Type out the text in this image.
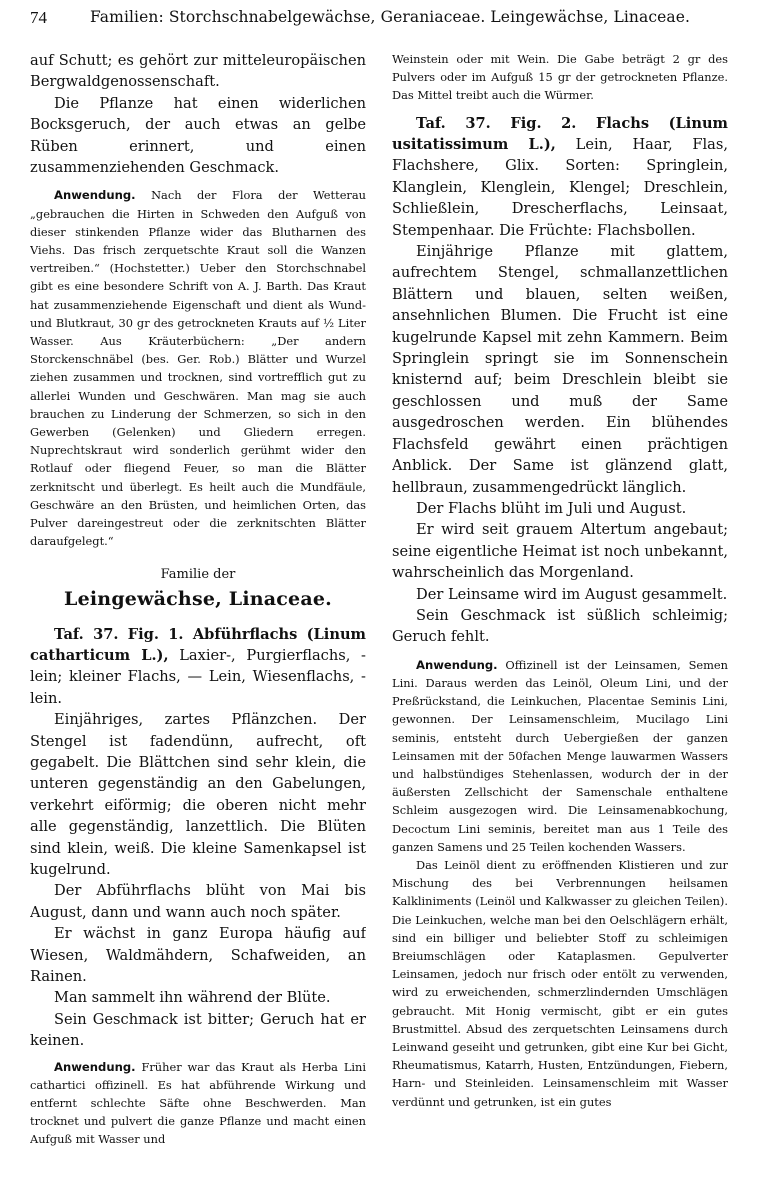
74	Familien: Storchschnabelgewächse, Geraniaceae. Leingewächse, Linaceae.

auf Schutt; es gehört zur mitteleuropäischen Bergwaldgenossenschaft.

Die Pflanze hat einen widerlichen Bocksgeruch, der auch etwas an gelbe Rüben erinnert, und einen zusammenziehenden Geschmack.

Anwendung. Nach der Flora der Wetterau „gebrauchen die Hirten in Schweden den Aufguß von dieser stinkenden Pflanze wider das Blutharnen des Viehs. Das frisch zerquetschte Kraut soll die Wanzen vertreiben.“ (Hochstetter.) Ueber den Storchschnabel gibt es eine besondere Schrift von A. J. Barth. Das Kraut hat zusammenziehende Eigenschaft und dient als Wund- und Blutkraut, 30 gr des getrockneten Krauts auf ½ Liter Wasser. Aus Kräuterbüchern: „Der andern Storckenschnäbel (bes. Ger. Rob.) Blätter und Wurzel ziehen zusammen und trocknen, sind vortrefflich gut zu allerlei Wunden und Geschwären. Man mag sie auch brauchen zu Linderung der Schmerzen, so sich in den Gewerben (Gelenken) und Gliedern erregen. Nuprechtskraut wird sonderlich gerühmt wider den Rotlauf oder fliegend Feuer, so man die Blätter zerknitscht und überlegt. Es heilt auch die Mundfäule, Geschwäre an den Brüsten, und heimlichen Orten, das Pulver dareingestreut oder die zerknitschten Blätter daraufgelegt.“

Familie der
Leingewächse, Linaceae.

Taf. 37. Fig. 1. Abführflachs (Linum catharticum L.), Laxier-, Purgierflachs, -lein; kleiner Flachs, — Lein, Wiesenflachs, -lein.

Einjähriges, zartes Pflänzchen. Der Stengel ist fadendünn, aufrecht, oft gegabelt. Die Blättchen sind sehr klein, die unteren gegenständig an den Gabelungen, verkehrt eiförmig; die oberen nicht mehr alle gegenständig, lanzettlich. Die Blüten sind klein, weiß. Die kleine Samenkapsel ist kugelrund.

Der Abführflachs blüht von Mai bis August, dann und wann auch noch später.

Er wächst in ganz Europa häufig auf Wiesen, Waldmähdern, Schafweiden, an Rainen.

Man sammelt ihn während der Blüte.

Sein Geschmack ist bitter; Geruch hat er keinen.

Anwendung. Früher war das Kraut als Herba Lini cathartici offizinell. Es hat abführende Wirkung und entfernt schlechte Säfte ohne Beschwerden. Man trocknet und pulvert die ganze Pflanze und macht einen Aufguß mit Wasser und

Weinstein oder mit Wein. Die Gabe beträgt 2 gr des Pulvers oder im Aufguß 15 gr der getrockneten Pflanze. Das Mittel treibt auch die Würmer.

Taf. 37. Fig. 2. Flachs (Linum usitatissimum L.), Lein, Haar, Flas, Flachshere, Glix. Sorten: Springlein, Klanglein, Klenglein, Klengel; Dreschlein, Schließlein, Drescherflachs, Leinsaat, Stempenhaar. Die Früchte: Flachsbollen.

Einjährige Pflanze mit glattem, aufrechtem Stengel, schmallanzettlichen Blättern und blauen, selten weißen, ansehnlichen Blumen. Die Frucht ist eine kugelrunde Kapsel mit zehn Kammern. Beim Springlein springt sie im Sonnenschein knisternd auf; beim Dreschlein bleibt sie geschlossen und muß der Same ausgedroschen werden. Ein blühendes Flachsfeld gewährt einen prächtigen Anblick. Der Same ist glänzend glatt, hellbraun, zusammengedrückt länglich.

Der Flachs blüht im Juli und August.

Er wird seit grauem Altertum angebaut; seine eigentliche Heimat ist noch unbekannt, wahrscheinlich das Morgenland.

Der Leinsame wird im August gesammelt.

Sein Geschmack ist süßlich schleimig; Geruch fehlt.

Anwendung. Offizinell ist der Leinsamen, Semen Lini. Daraus werden das Leinöl, Oleum Lini, und der Preßrückstand, die Leinkuchen, Placentae Seminis Lini, gewonnen. Der Leinsamenschleim, Mucilago Lini seminis, entsteht durch Uebergießen der ganzen Leinsamen mit der 50fachen Menge lauwarmen Wassers und halbstündiges Stehenlassen, wodurch der in der äußersten Zellschicht der Samenschale enthaltene Schleim ausgezogen wird. Die Leinsamenabkochung, Decoctum Lini seminis, bereitet man aus 1 Teile des ganzen Samens und 25 Teilen kochenden Wassers.

Das Leinöl dient zu eröffnenden Klistieren und zur Mischung des bei Verbrennungen heilsamen Kalkliniments (Leinöl und Kalkwasser zu gleichen Teilen). Die Leinkuchen, welche man bei den Oelschlägern erhält, sind ein billiger und beliebter Stoff zu schleimigen Breiumschlägen oder Kataplasmen. Gepulverter Leinsamen, jedoch nur frisch oder entölt zu verwenden, wird zu erweichenden, schmerzlindernden Umschlägen gebraucht. Mit Honig vermischt, gibt er ein gutes Brustmittel. Absud des zerquetschten Leinsamens durch Leinwand geseiht und getrunken, gibt eine Kur bei Gicht, Rheumatismus, Katarrh, Husten, Entzündungen, Fiebern, Harn- und Steinleiden. Leinsamenschleim mit Wasser verdünnt und getrunken, ist ein gutes
